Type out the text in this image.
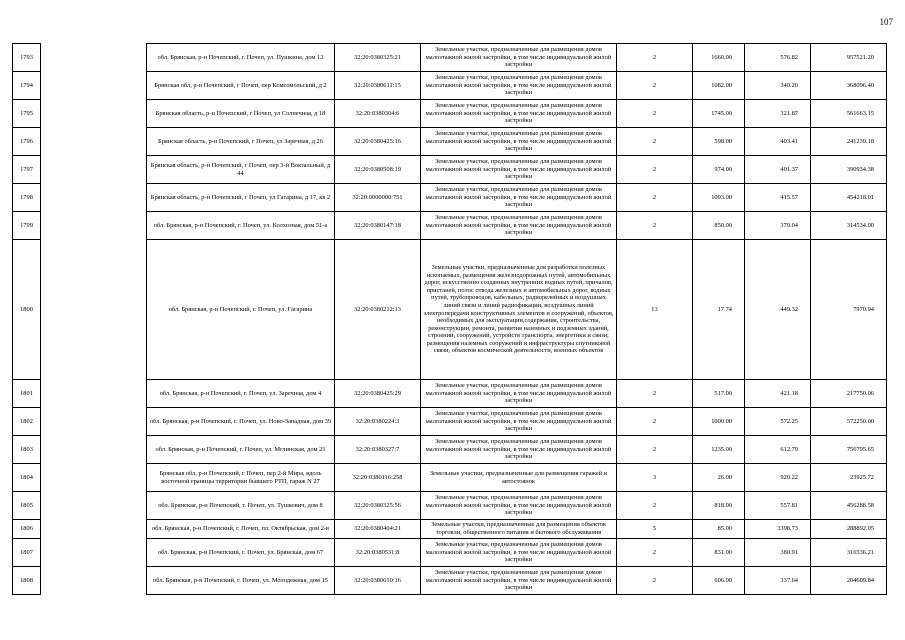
107
1793		обл. Брянская, р-н Почепский, г. Почеп, ул. Пушкина, дом 12	32:20:0380325:21	Земельные участки, предназначенные для размещения домов малоэтажной жилой застройки, в том числе индивидуальной жилой застройки	2	1660.00	576.82	957521.20
1794		Брянская обл, р-н Почепский, г Почеп, пер Комсомольский, д 2	32:20:0380611:15	Земельные участки, предназначенные для размещения домов малоэтажной жилой застройки, в том числе индивидуальной жилой застройки	2	1082.00	340.20	368096.40
1795		Брянская область, р-н Почепский, г Почеп, ул Солнечная, д 18	32:20:0380304:6	Земельные участки, предназначенные для размещения домов малоэтажной жилой застройки, в том числе индивидуальной жилой застройки	2	1745.00	321.87	561663.15
1796		Брянская область, р-н Почепский, г Почеп, ул Заречная, д 26	32:20:0380425:16	Земельные участки, предназначенные для размещения домов малоэтажной жилой застройки, в том числе индивидуальной жилой застройки	2	598.00	403.41	241239.18
1797		Брянская область, р-н Почепский, г Почеп, пер 3-й Вокзальный, д 44	32:20:0380508:19	Земельные участки, предназначенные для размещения домов малоэтажной жилой застройки, в том числе индивидуальной жилой застройки	2	974.00	401.37	390934.38
1798		Брянская область, р-н Почепский, г Почеп, ул Гагарина, д 17, кв 2	32:20:0000000:751	Земельные участки, предназначенные для размещения домов малоэтажной жилой застройки, в том числе индивидуальной жилой застройки	2	1093.00	415.57	454218.01
1799		обл. Брянская, р-н Почепский, г. Почеп, ул. Колхозная, дом 51-а	32:20:0380147:18	Земельные участки, предназначенные для размещения домов малоэтажной жилой застройки, в том числе индивидуальной жилой застройки	2	850.00	370.04	314534.00
1800		обл. Брянская, р-н Почепский, г. Почеп, ул. Гагарина	32:20:0380212:13	Земельные участки, предназначенные для разработки полезных ископаемых, размещения железнодорожных путей, автомобильных дорог, искусственно созданных внутренних водных путей, причалов, пристаней, полос отвода железных и автомобильных дорог, водных путей, трубопроводов, кабельных, радиорелейных и воздушных линий связи и линий радиофикации, воздушных линий электропередачи конструктивных элементов и сооружений, объектов, необходимых для эксплуатации,содержания, строительства, реконструкции, ремонта, развития наземных и подземных зданий, строений, сооружений, устройств транспорта, энергетики и связи; размещения наземных сооружений и инфраструктуры спутниковой связи, объектов космической деятельности, военных объектов	13	17.74	449.32	7970.94
1801		обл. Брянская, р-н Почепский, г. Почеп, ул. Заречная, дом 4	32:20:0380425:29	Земельные участки, предназначенные для размещения домов малоэтажной жилой застройки, в том числе индивидуальной жилой застройки	2	517.00	421.18	217750.06
1802		обл. Брянская, р-н Почепский, г. Почеп, ул. Ново-Западная, дом 39	32:20:0380224:3	Земельные участки, предназначенные для размещения домов малоэтажной жилой застройки, в том числе индивидуальной жилой застройки	2	1000.00	572.25	572250.00
1803		обл. Брянская, р-н Почепский, г. Почеп, ул. Мглинская, дом 21	32:20:0380327:7	Земельные участки, предназначенные для размещения домов малоэтажной жилой застройки, в том числе индивидуальной жилой застройки	2	1235.00	612.79	756795.65
1804		Брянская обл, р-н Почепский, г Почеп, пер 2-й Мира, вдоль восточной границы территории бывшего РТП, гараж N 27	32:20:0380116:258	Земельные участки, предназначенные для размещения гаражей и автостоянок	3	26.00	920.22	23925.72
1805		обл. Брянская, р-н Почепский, г. Почеп, ул. Тушкович, дом 8	32:20:0380325:56	Земельные участки, предназначенные для размещения домов малоэтажной жилой застройки, в том числе индивидуальной жилой застройки	2	818.00	557.81	456288.58
1806		обл. Брянская, р-н Почепский, г. Почеп, пл. Октябрьская, дом 2-в	32:20:0380404:21	Земельные участки, предназначенные для размещения объектов торговли, общественного питания и бытового обслуживания	5	85.00	3398.73	288892.05
1807		обл. Брянская, р-н Почепский, г. Почеп, ул. Брянская, дом 67	32:20:0380531:8	Земельные участки, предназначенные для размещения домов малоэтажной жилой застройки, в том числе индивидуальной жилой застройки	2	831.00	380.91	316536.21
1808		обл. Брянская, р-н Почепский, г. Почеп, ул. Молодежная, дом 15	32:20:0380610:16	Земельные участки, предназначенные для размещения домов малоэтажной жилой застройки, в том числе индивидуальной жилой застройки	2	606.00	337.64	204609.84
